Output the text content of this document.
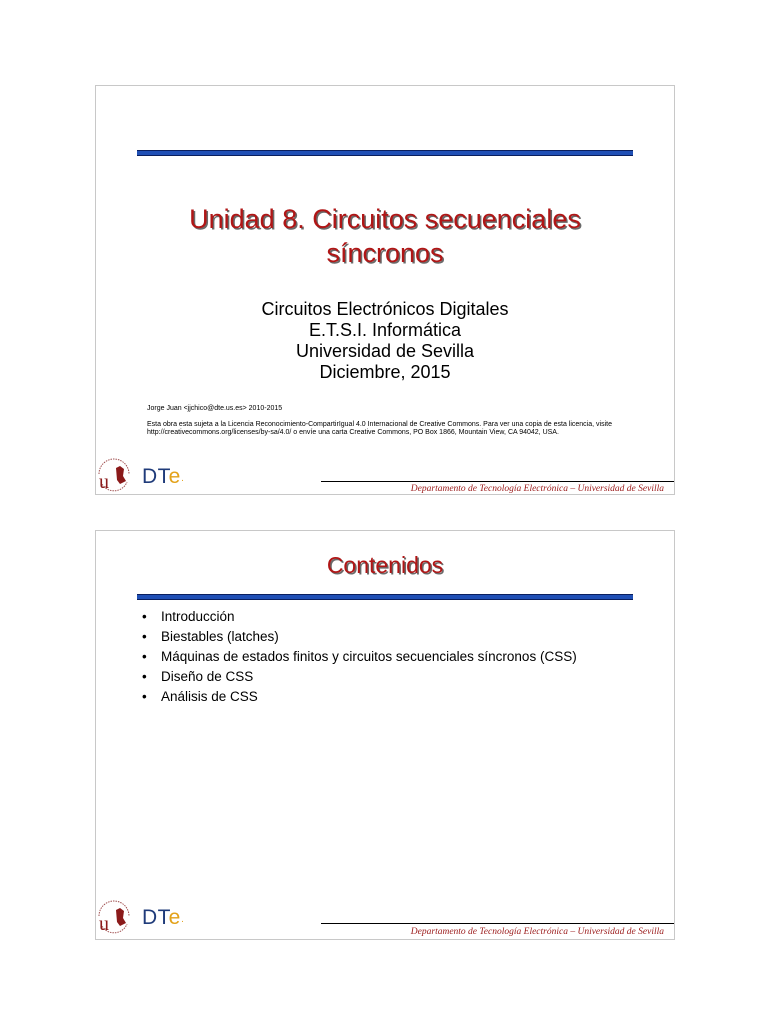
Unidad 8. Circuitos secuenciales
síncronos
Circuitos Electrónicos Digitales
E.T.S.I. Informática
Universidad de Sevilla
Diciembre, 2015
Jorge Juan <jjchico@dte.us.es> 2010-2015
Esta obra esta sujeta a la Licencia Reconocimiento-CompartirIgual 4.0 Internacional de Creative Commons. Para ver una copia de esta licencia, visite http://creativecommons.org/licenses/by-sa/4.0/ o envíe una carta Creative Commons, PO Box 1866, Mountain View, CA 94042, USA.
u DTe·
Departamento de Tecnología Electrónica – Universidad de Sevilla
Contenidos
• Introducción
• Biestables (latches)
• Máquinas de estados finitos y circuitos secuenciales síncronos (CSS)
• Diseño de CSS
• Análisis de CSS
u DTe·
Departamento de Tecnología Electrónica – Universidad de Sevilla
